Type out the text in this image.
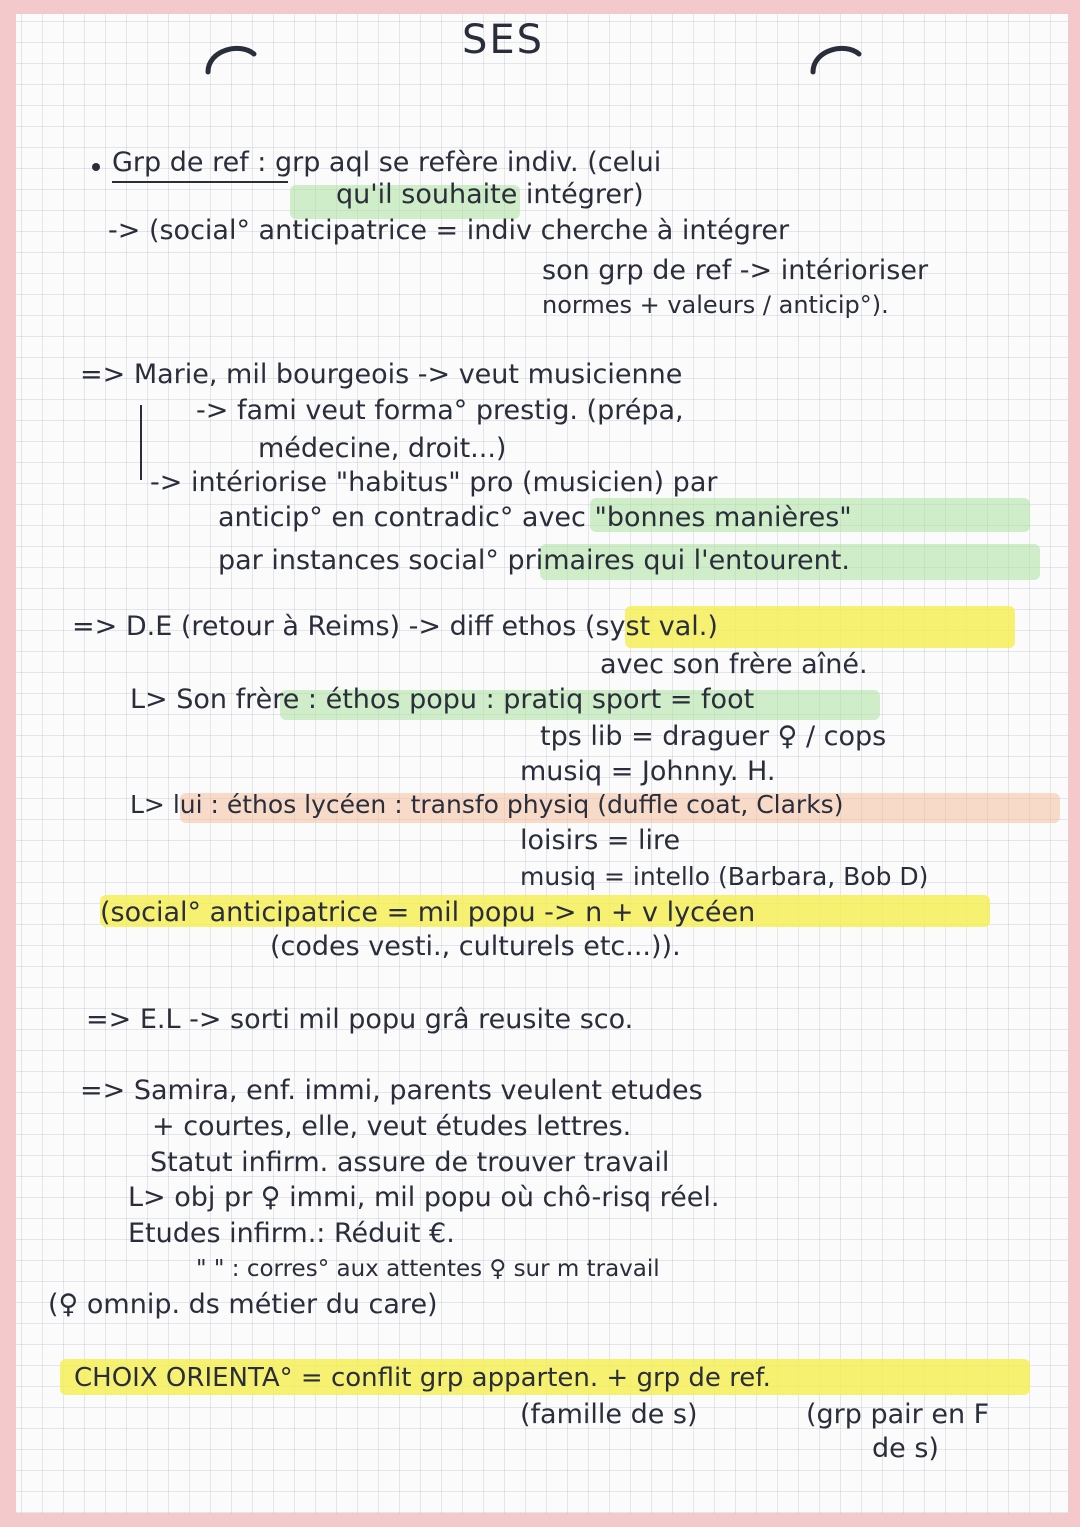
SES
Grp de ref : grp aql se refère indiv. (celui
qu'il souhaite intégrer)
-> (social° anticipatrice = indiv cherche à intégrer
son grp de ref -> intérioriser
normes + valeurs / anticip°).
=> Marie, mil bourgeois -> veut musicienne
-> fami veut forma° prestig. (prépa,
médecine, droit...)
-> intériorise "habitus" pro (musicien) par
anticip° en contradic° avec "bonnes manières"
par instances social° primaires qui l'entourent.
=> D.E (retour à Reims) -> diff ethos (syst val.)
avec son frère aîné.
L> Son frère : éthos popu : pratiq sport = foot
tps lib = draguer ♀ / cops
musiq = Johnny. H.
L> lui : éthos lycéen : transfo physiq (duffle coat, Clarks)
loisirs = lire
musiq = intello (Barbara, Bob D)
(social° anticipatrice = mil popu -> n + v lycéen
(codes vesti., culturels etc...)).
=> E.L -> sorti mil popu grâ reusite sco.
=> Samira, enf. immi, parents veulent etudes
+ courtes, elle, veut études lettres.
Statut infirm. assure de trouver travail
L> obj pr ♀ immi, mil popu où chô-risq réel.
Etudes infirm.: Réduit €.
" " : corres° aux attentes ♀ sur m travail
(♀ omnip. ds métier du care)
CHOIX ORIENTA° = conflit grp apparten. + grp de ref.
(famille de s)	(grp pair en F
de s)
